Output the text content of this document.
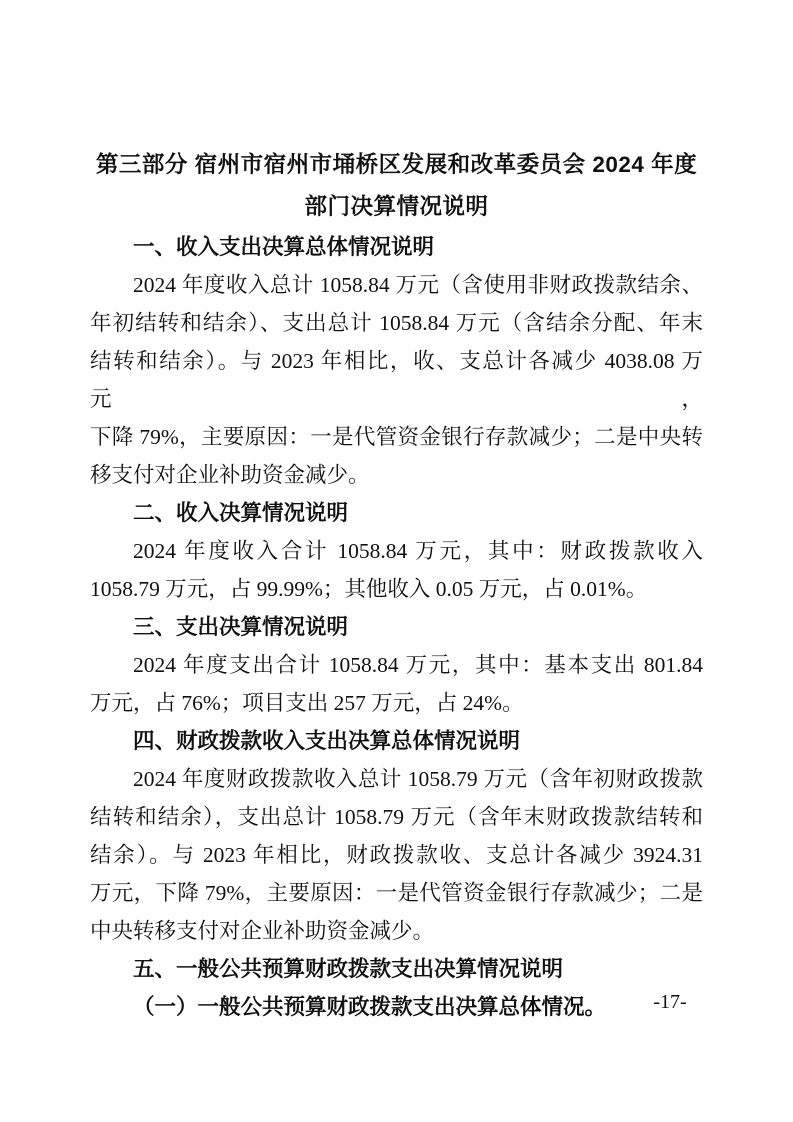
第三部分 宿州市宿州市埇桥区发展和改革委员会 2024 年度
部门决算情况说明
一、收入支出决算总体情况说明
2024 年度收入总计 1058.84 万元（含使用非财政拨款结余、
年初结转和结余）、支出总计 1058.84 万元（含结余分配、年末
结转和结余）。与 2023 年相比，收、支总计各减少 4038.08 万元，
下降 79%，主要原因：一是代管资金银行存款减少；二是中央转
移支付对企业补助资金减少。
二、收入决算情况说明
2024 年度收入合计 1058.84 万元，其中：财政拨款收入
1058.79 万元，占 99.99%；其他收入 0.05 万元，占 0.01%。
三、支出决算情况说明
2024 年度支出合计 1058.84 万元，其中：基本支出 801.84
万元，占 76%；项目支出 257 万元，占 24%。
四、财政拨款收入支出决算总体情况说明
2024 年度财政拨款收入总计 1058.79 万元（含年初财政拨款
结转和结余），支出总计 1058.79 万元（含年末财政拨款结转和
结余）。与 2023 年相比，财政拨款收、支总计各减少 3924.31
万元，下降 79%，主要原因：一是代管资金银行存款减少；二是
中央转移支付对企业补助资金减少。
五、一般公共预算财政拨款支出决算情况说明
（一）一般公共预算财政拨款支出决算总体情况。	-17-
